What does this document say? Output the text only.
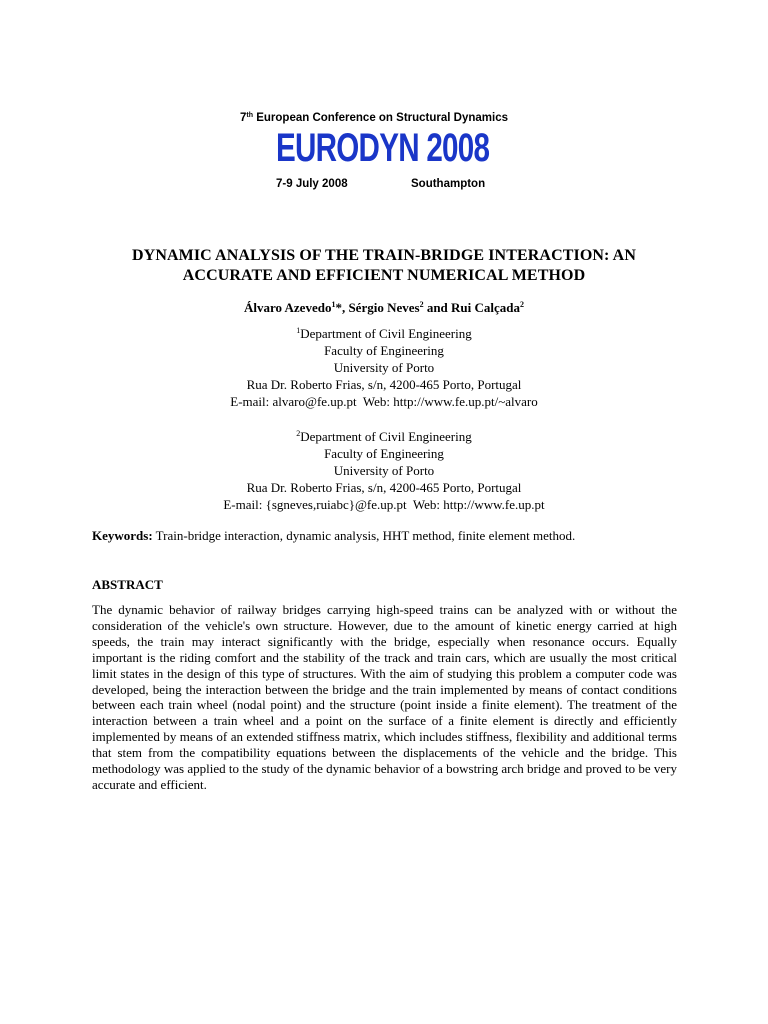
7th European Conference on Structural Dynamics
EURODYN 2008
7-9 July 2008	Southampton
DYNAMIC ANALYSIS OF THE TRAIN-BRIDGE INTERACTION: AN
ACCURATE AND EFFICIENT NUMERICAL METHOD
Álvaro Azevedo$^1$*, Sérgio Neves$^2$ and Rui Calçada$^2$
$^1$Department of Civil Engineering
Faculty of Engineering
University of Porto
Rua Dr. Roberto Frias, s/n, 4200-465 Porto, Portugal
E-mail: alvaro@fe.up.pt  Web: http://www.fe.up.pt/~alvaro
$^2$Department of Civil Engineering
Faculty of Engineering
University of Porto
Rua Dr. Roberto Frias, s/n, 4200-465 Porto, Portugal
E-mail: {sgneves,ruiabc}@fe.up.pt  Web: http://www.fe.up.pt
Keywords: Train-bridge interaction, dynamic analysis, HHT method, finite element method.
ABSTRACT
The dynamic behavior of railway bridges carrying high-speed trains can be analyzed with or without the consideration of the vehicle's own structure. However, due to the amount of kinetic energy carried at high speeds, the train may interact significantly with the bridge, especially when resonance occurs. Equally important is the riding comfort and the stability of the track and train cars, which are usually the most critical limit states in the design of this type of structures. With the aim of studying this problem a computer code was developed, being the interaction between the bridge and the train implemented by means of contact conditions between each train wheel (nodal point) and the structure (point inside a finite element). The treatment of the interaction between a train wheel and a point on the surface of a finite element is directly and efficiently implemented by means of an extended stiffness matrix, which includes stiffness, flexibility and additional terms that stem from the compatibility equations between the displacements of the vehicle and the bridge. This methodology was applied to the study of the dynamic behavior of a bowstring arch bridge and proved to be very accurate and efficient.
